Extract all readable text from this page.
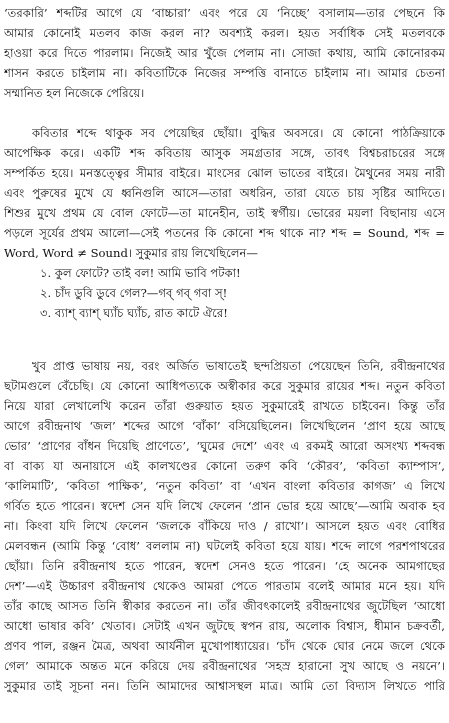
‘তরকারি’ শব্দটির আগে যে ‘বাচ্চারা’ এবং পরে যে ‘নিচ্ছে’ বসালাম—তার পেছনে কি
আমার কোনোই মতলব কাজ করল না? অবশ্যই করল। হয়ত সর্বাধিক সেই মতলবকে
হাওয়া করে দিতে পারলাম। নিজেই আর খুঁজে পেলাম না। সোজা কথায়, আমি কোনোরকম
শাসন করতে চাইলাম না। কবিতাটিকে নিজের সম্পত্তি বানাতে চাইলাম না। আমার চেতনা
সম্মানিত হল নিজেকে পেরিয়ে।
কবিতার শব্দে থাকুক সব পেয়েছির ছোঁয়া। বুদ্ধির অবসরে। যে কোনো পাঠক্রিয়াকে
আপেক্ষিক করে। একটি শব্দ কবিতায় আসুক সমগ্রতার সঙ্গে, তাবৎ বিশ্বচরাচরের সঙ্গে
সম্পর্কিত হয়ে। মনস্তত্ত্বের সীমার বাইরে। মাংসের ঝোল ভাতের বাইরে। মৈথুনের সময় নারী
এবং পুরুষের মুখে যে ধ্বনিগুলি আসে—তারা অধরিন, তারা যেতে চায় সৃষ্টির আদিতে।
শিশুর মুখে প্রথম যে বোল ফোটে—তা মানেহীন, তাই স্বর্গীয়। ভোরের ময়লা বিছানায় এসে
পড়লে সূর্যের প্রথম আলো—সেই পতনের কি কোনো শব্দ থাকে না? শব্দ = Sound, শব্দ =
Word, Word ≠ Sound। সুকুমার রায় লিখেছিলেন—
১. কুল ফোটে? তাই বল! আমি ভাবি পটকা!
২. চাঁদ ডুবি ডুবে গেল?—গব্ গব্ গবা স্!
৩. ব্যাশ্ ব্যাশ্ ঘ্যাঁচ ঘ্যাঁচ, রাত কাটে ঐরে!
খুব প্রাপ্ত ভাষায় নয়, বরং অর্জিত ভাষাতেই ছন্দপ্রিয়তা পেয়েছেন তিনি, রবীন্দ্রনাথের
ছটামগুলে বেঁচেছি। যে কোনো আধিপত্যকে অস্বীকার করে সুকুমার রায়ের শব্দ। নতুন কবিতা
নিয়ে যারা লেখালেখি করেন তাঁরা গুরুয়াত হয়ত সুকুমারেই রাখতে চাইবেন। কিন্তু তাঁর
আগে রবীন্দ্রনাথ ‘জল’ শব্দের আগে ‘বাঁকা’ বসিয়েছিলেন। লিখেছিলেন ‘প্রাণ হয়ে আছে
ভোর’ ‘প্রাণের বাঁধন দিয়েছি প্রাণেতে’, ‘ঘুমের দেশে’ এবং এ রকমই আরো অসংখ্য শব্দবন্ধ
বা বাক্য যা অনায়াসে এই কালখণ্ডের কোনো তরুণ কবি ‘কৌরব’, ‘কবিতা ক্যাম্পাস’,
‘কালিমাটি’, ‘কবিতা পাক্ষিক’, ‘নতুন কবিতা’ বা ‘এখন বাংলা কবিতার কাগজ’ এ লিখে
গর্বিত হতে পারেন। স্বদেশ সেন যদি লিখে ফেলেন ‘প্রান ভোর হয়ে আছে’—আমি অবাক হব
না। কিংবা যদি লিখে ফেলেন ‘জলকে বাঁকিয়ে দাও / রাখো’। আসলে হয়ত এবং বোধির
মেলবন্ধন (আমি কিন্তু ‘বোধ’ বললাম না) ঘটলেই কবিতা হয়ে যায়। শব্দে লাগে পরশপাথরের
ছোঁয়া। তিনি রবীন্দ্রনাথ হতে পারেন, স্বদেশ সেনও হতে পারেন। ‘হে অনেক আমগাছের
দেশ’—এই উচ্চারণ রবীন্দ্রনাথ থেকেও আমরা পেতে পারতাম বলেই আমার মনে হয়। যদি
তাঁর কাছে আসত তিনি স্বীকার করতেন না। তাঁর জীবৎকালেই রবীন্দ্রনাথের জুটেছিল ‘আধো
আধো ভাষার কবি’ খেতাব। সেটাই এখন জুটছে স্বপন রায়, অলোক বিশ্বাস, ধীমান চক্রবর্তী,
প্রণব পাল, রঞ্জন মৈত্র, অথবা আর্যনীল মুখোপাধ্যায়ের। ‘চাঁদ থেকে ঘোর নেমে জলে থেকে
গেল’ আমাকে অন্তত মনে করিয়ে দেয় রবীন্দ্রনাথের ‘সহস্র হারানো সুখ আছে ও নয়নে’।
সুকুমার তাই সূচনা নন। তিনি আমাদের আশ্বাসস্থল মাত্র। আমি তো বিদ্যাস লিখতে পারি
